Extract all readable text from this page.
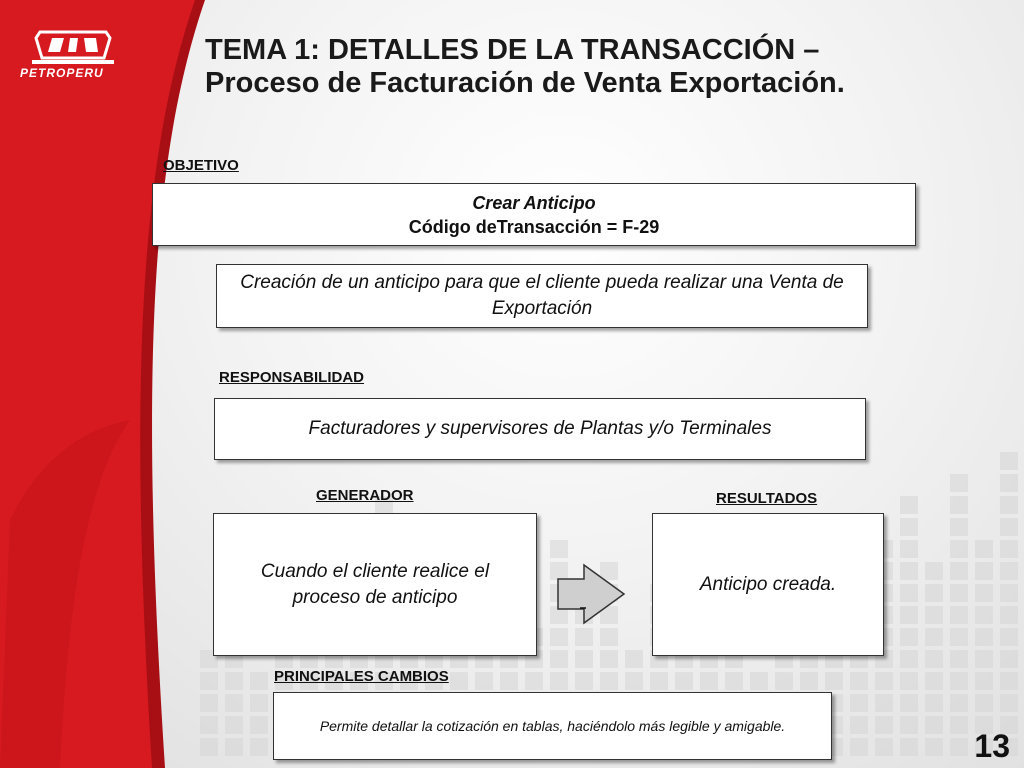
PETROPERU
TEMA 1: DETALLES DE LA TRANSACCIÓN – Proceso de Facturación de Venta Exportación.
OBJETIVO
Crear Anticipo
Código deTransacción = F-29
Creación de un anticipo para que el cliente pueda realizar una Venta de Exportación
RESPONSABILIDAD
Facturadores y supervisores de Plantas y/o Terminales
GENERADOR
Cuando el cliente realice el proceso de anticipo
RESULTADOS
Anticipo creada.
PRINCIPALES CAMBIOS
Permite detallar la cotización en tablas, haciéndolo más legible y amigable.
13
